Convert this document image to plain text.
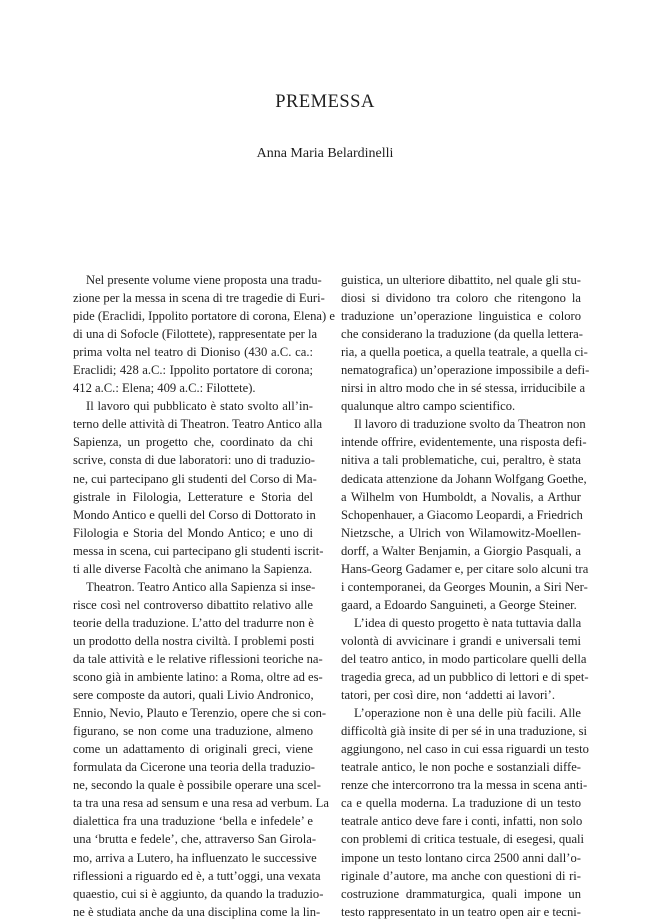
PREMESSA
Anna Maria Belardinelli
Nel presente volume viene proposta una tradu-
zione per la messa in scena di tre tragedie di Euri-
pide (Eraclidi, Ippolito portatore di corona, Elena) e
di una di Sofocle (Filottete), rappresentate per la
prima volta nel teatro di Dioniso (430 a.C. ca.:
Eraclidi; 428 a.C.: Ippolito portatore di corona;
412 a.C.: Elena; 409 a.C.: Filottete).
Il lavoro qui pubblicato è stato svolto all’in-
terno delle attività di Theatron. Teatro Antico alla
Sapienza, un progetto che, coordinato da chi
scrive, consta di due laboratori: uno di traduzio-
ne, cui partecipano gli studenti del Corso di Ma-
gistrale in Filologia, Letterature e Storia del
Mondo Antico e quelli del Corso di Dottorato in
Filologia e Storia del Mondo Antico; e uno di
messa in scena, cui partecipano gli studenti iscrit-
ti alle diverse Facoltà che animano la Sapienza.
Theatron. Teatro Antico alla Sapienza si inse-
risce così nel controverso dibattito relativo alle
teorie della traduzione. L’atto del tradurre non è
un prodotto della nostra civiltà. I problemi posti
da tale attività e le relative riflessioni teoriche na-
scono già in ambiente latino: a Roma, oltre ad es-
sere composte da autori, quali Livio Andronico,
Ennio, Nevio, Plauto e Terenzio, opere che si con-
figurano, se non come una traduzione, almeno
come un adattamento di originali greci, viene
formulata da Cicerone una teoria della traduzio-
ne, secondo la quale è possibile operare una scel-
ta tra una resa ad sensum e una resa ad verbum. La
dialettica fra una traduzione ‘bella e infedele’ e
una ‘brutta e fedele’, che, attraverso San Girola-
mo, arriva a Lutero, ha influenzato le successive
riflessioni a riguardo ed è, a tutt’oggi, una vexata
quaestio, cui si è aggiunto, da quando la traduzio-
ne è studiata anche da una disciplina come la lin-
guistica, un ulteriore dibattito, nel quale gli stu-
diosi si dividono tra coloro che ritengono la
traduzione un’operazione linguistica e coloro
che considerano la traduzione (da quella lettera-
ria, a quella poetica, a quella teatrale, a quella ci-
nematografica) un’operazione impossibile a defi-
nirsi in altro modo che in sé stessa, irriducibile a
qualunque altro campo scientifico.
Il lavoro di traduzione svolto da Theatron non
intende offrire, evidentemente, una risposta defi-
nitiva a tali problematiche, cui, peraltro, è stata
dedicata attenzione da Johann Wolfgang Goethe,
a Wilhelm von Humboldt, a Novalis, a Arthur
Schopenhauer, a Giacomo Leopardi, a Friedrich
Nietzsche, a Ulrich von Wilamowitz-Moellen-
dorff, a Walter Benjamin, a Giorgio Pasquali, a
Hans-Georg Gadamer e, per citare solo alcuni tra
i contemporanei, da Georges Mounin, a Siri Ner-
gaard, a Edoardo Sanguineti, a George Steiner.
L’idea di questo progetto è nata tuttavia dalla
volontà di avvicinare i grandi e universali temi
del teatro antico, in modo particolare quelli della
tragedia greca, ad un pubblico di lettori e di spet-
tatori, per così dire, non ‘addetti ai lavori’.
L’operazione non è una delle più facili. Alle
difficoltà già insite di per sé in una traduzione, si
aggiungono, nel caso in cui essa riguardi un testo
teatrale antico, le non poche e sostanziali diffe-
renze che intercorrono tra la messa in scena anti-
ca e quella moderna. La traduzione di un testo
teatrale antico deve fare i conti, infatti, non solo
con problemi di critica testuale, di esegesi, quali
impone un testo lontano circa 2500 anni dall’o-
riginale d’autore, ma anche con questioni di ri-
costruzione drammaturgica, quali impone un
testo rappresentato in un teatro open air e tecni-
